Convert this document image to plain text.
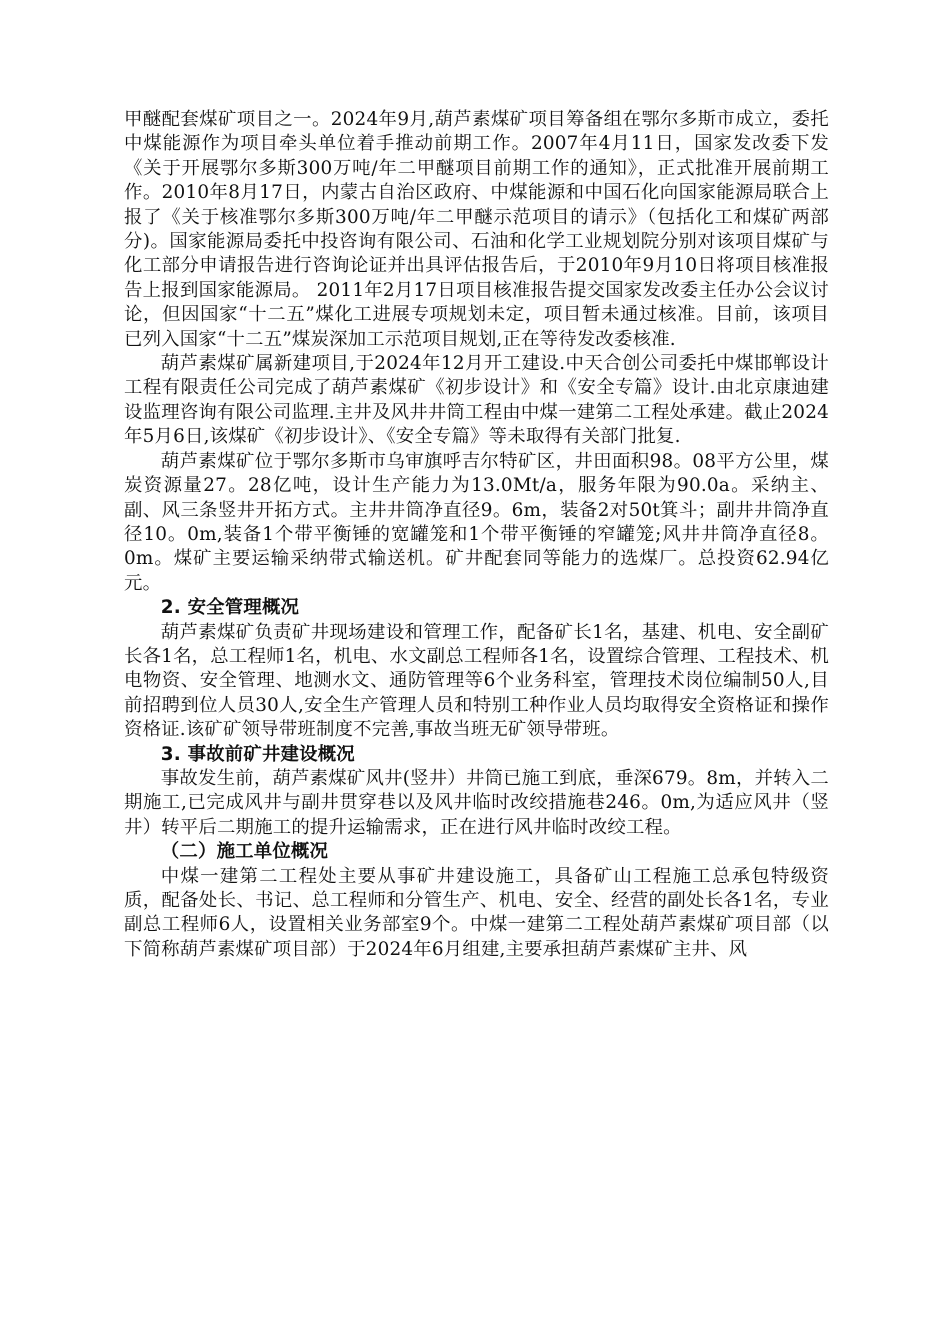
甲醚配套煤矿项目之一。2024年9月,葫芦素煤矿项目筹备组在鄂尔多斯市成立，委托中煤能源作为项目牵头单位着手推动前期工作。2007年4月11日，国家发改委下发《关于开展鄂尔多斯300万吨/年二甲醚项目前期工作的通知》，正式批准开展前期工作。2010年8月17日，内蒙古自治区政府、中煤能源和中国石化向国家能源局联合上报了《关于核准鄂尔多斯300万吨/年二甲醚示范项目的请示》（包括化工和煤矿两部分)。国家能源局委托中投咨询有限公司、石油和化学工业规划院分别对该项目煤矿与化工部分申请报告进行咨询论证并出具评估报告后，于2010年9月10日将项目核准报告上报到国家能源局。 2011年2月17日项目核准报告提交国家发改委主任办公会议讨论，但因国家“十二五”煤化工进展专项规划未定，项目暂未通过核准。目前，该项目已列入国家“十二五”煤炭深加工示范项目规划,正在等待发改委核准.

葫芦素煤矿属新建项目,于2024年12月开工建设.中天合创公司委托中煤邯郸设计工程有限责任公司完成了葫芦素煤矿《初步设计》和《安全专篇》设计.由北京康迪建设监理咨询有限公司监理.主井及风井井筒工程由中煤一建第二工程处承建。截止2024年5月6日,该煤矿《初步设计》、《安全专篇》等未取得有关部门批复.

葫芦素煤矿位于鄂尔多斯市乌审旗呼吉尔特矿区，井田面积98。08平方公里，煤炭资源量27。28亿吨，设计生产能力为13.0Mt/a，服务年限为90.0a。采纳主、副、风三条竖井开拓方式。主井井筒净直径9。6m，装备2对50t箕斗；副井井筒净直径10。0m,装备1个带平衡锤的宽罐笼和1个带平衡锤的窄罐笼;风井井筒净直径8。0m。煤矿主要运输采纳带式输送机。矿井配套同等能力的选煤厂。总投资62.94亿元。

2. 安全管理概况

葫芦素煤矿负责矿井现场建设和管理工作，配备矿长1名，基建、机电、安全副矿长各1名，总工程师1名，机电、水文副总工程师各1名，设置综合管理、工程技术、机电物资、安全管理、地测水文、通防管理等6个业务科室，管理技术岗位编制50人,目前招聘到位人员30人,安全生产管理人员和特别工种作业人员均取得安全资格证和操作资格证.该矿矿领导带班制度不完善,事故当班无矿领导带班。

3. 事故前矿井建设概况

事故发生前，葫芦素煤矿风井(竖井）井筒已施工到底，垂深679。8m，并转入二期施工,已完成风井与副井贯穿巷以及风井临时改绞措施巷246。0m,为适应风井（竖井）转平后二期施工的提升运输需求，正在进行风井临时改绞工程。

（二）施工单位概况

中煤一建第二工程处主要从事矿井建设施工，具备矿山工程施工总承包特级资质，配备处长、书记、总工程师和分管生产、机电、安全、经营的副处长各1名，专业副总工程师6人，设置相关业务部室9个。中煤一建第二工程处葫芦素煤矿项目部（以下简称葫芦素煤矿项目部）于2024年6月组建,主要承担葫芦素煤矿主井、风
